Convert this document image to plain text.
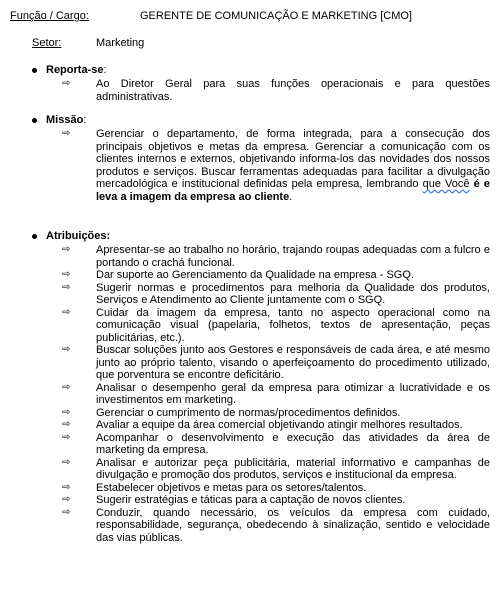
Função / Cargo:	GERENTE DE COMUNICAÇÃO E MARKETING [CMO]
Setor:	Marketing
Reporta-se:

⇨ Ao Diretor Geral para suas funções operacionais e para questões administrativas.

Missão:

⇨ Gerenciar o departamento, de forma integrada, para a consecução dos principais objetivos e metas da empresa. Gerenciar a comunicação com os clientes internos e externos, objetivando informa-los das novidades dos nossos produtos e serviços. Buscar ferramentas adequadas para facilitar a divulgação mercadológica e institucional definidas pela empresa, lembrando que Você é e leva a imagem da empresa ao cliente.

Atribuições:

⇨ Apresentar-se ao trabalho no horário, trajando roupas adequadas com a fulcro e portando o crachá funcional.

⇨ Dar suporte ao Gerenciamento da Qualidade na empresa - SGQ.

⇨ Sugerir normas e procedimentos para melhoria da Qualidade dos produtos, Serviços e Atendimento ao Cliente juntamente com o SGQ.

⇨ Cuidar da imagem da empresa, tanto no aspecto operacional como na comunicação visual (papelaria, folhetos, textos de apresentação, peças publicitárias, etc.).

⇨ Buscar soluções junto aos Gestores e responsáveis de cada área, e até mesmo junto ao próprio talento, visando o aperfeiçoamento do procedimento utilizado, que porventura se encontre deficitário.

⇨ Analisar o desempenho geral da empresa para otimizar a lucratividade e os investimentos em marketing.

⇨ Gerenciar o cumprimento de normas/procedimentos definidos.

⇨ Avaliar a equipe da área comercial objetivando atingir melhores resultados.

⇨ Acompanhar o desenvolvimento e execução das atividades da área de marketing da empresa.

⇨ Analisar e autorizar peça publicitária, material informativo e campanhas de divulgação e promoção dos produtos, serviços e institucional da empresa.

⇨ Estabelecer objetivos e metas para os setores/talentos.

⇨ Sugerir estratégias e táticas para a captação de novos clientes.

⇨ Conduzir, quando necessário, os veículos da empresa com cuidado, responsabilidade, segurança, obedecendo à sinalização, sentido e velocidade das vias públicas.
